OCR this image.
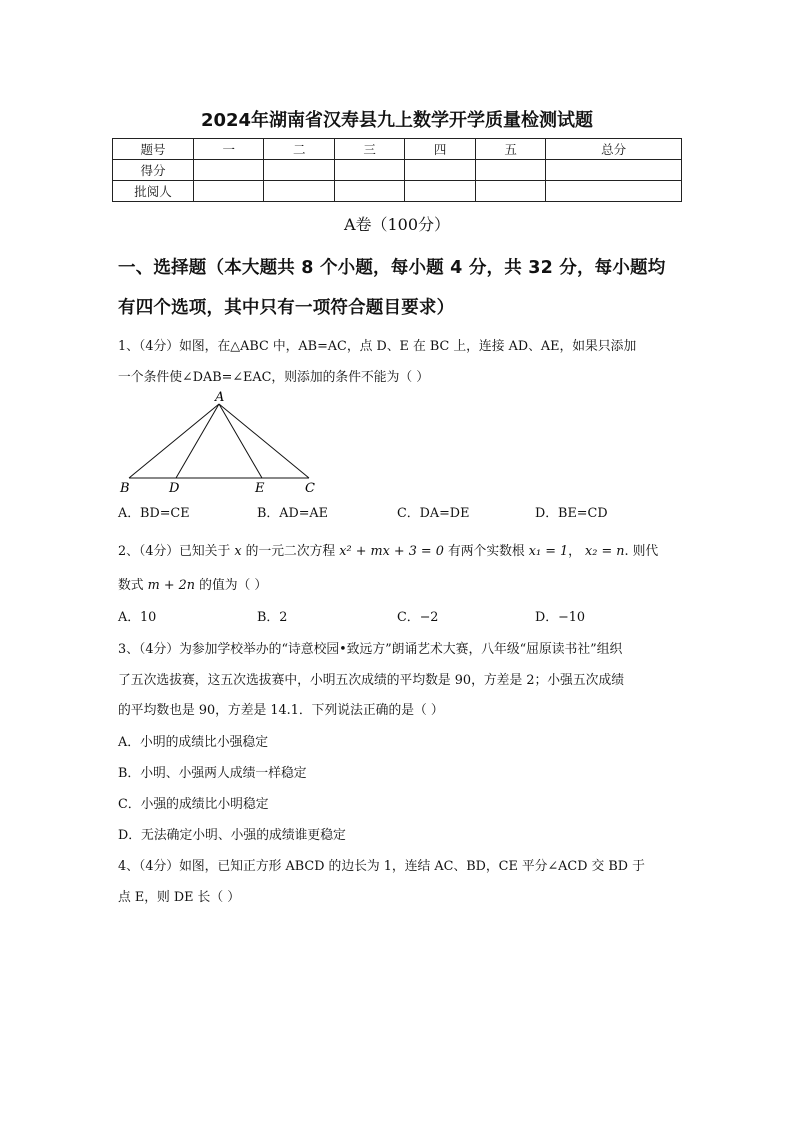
2024年湖南省汉寿县九上数学开学质量检测试题
题号	一	二	三	四	五	总分
得分						
批阅人						
A卷（100分）
一、选择题（本大题共 8 个小题，每小题 4 分，共 32 分，每小题均
有四个选项，其中只有一项符合题目要求）
1、（4分）如图，在△ABC 中，AB=AC，点 D、E 在 BC 上，连接 AD、AE，如果只添加
一个条件使∠DAB=∠EAC，则添加的条件不能为（ ）
A
B	D	E	C
A．BD=CE	B．AD=AE	C．DA=DE	D．BE=CD
2、（4分）已知关于 x 的一元二次方程 x² + mx + 3 = 0 有两个实数根 x₁ = 1， x₂ = n. 则代
数式 m + 2n 的值为（ ）
A．10	B．2	C．−2	D．−10
3、（4分）为参加学校举办的“诗意校园•致远方”朗诵艺术大赛，八年级“屈原读书社”组织
了五次选拔赛，这五次选拔赛中，小明五次成绩的平均数是 90，方差是 2；小强五次成绩
的平均数也是 90，方差是 14.1．下列说法正确的是（ ）
A．小明的成绩比小强稳定
B．小明、小强两人成绩一样稳定
C．小强的成绩比小明稳定
D．无法确定小明、小强的成绩谁更稳定
4、（4分）如图，已知正方形 ABCD 的边长为 1，连结 AC、BD，CE 平分∠ACD 交 BD 于
点 E，则 DE 长（ ）
